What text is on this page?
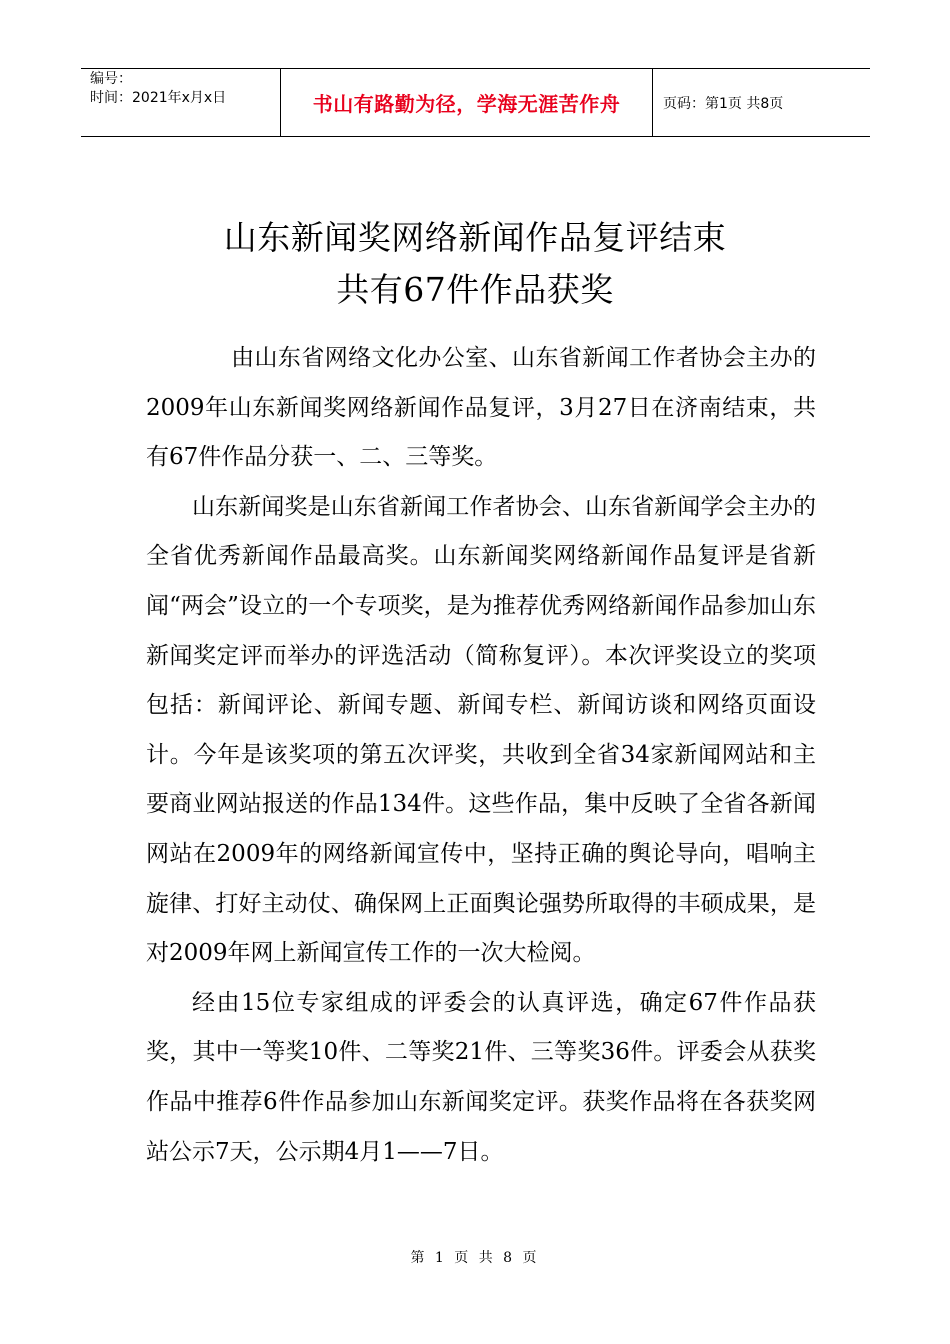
编号：
时间：2021年x月x日	书山有路勤为径，学海无涯苦作舟	页码：第1页 共8页
山东新闻奖网络新闻作品复评结束
共有67件作品获奖

由山东省网络文化办公室、山东省新闻工作者协会主办的2009年山东新闻奖网络新闻作品复评，3月27日在济南结束，共有67件作品分获一、二、三等奖。

山东新闻奖是山东省新闻工作者协会、山东省新闻学会主办的全省优秀新闻作品最高奖。山东新闻奖网络新闻作品复评是省新闻“两会”设立的一个专项奖，是为推荐优秀网络新闻作品参加山东新闻奖定评而举办的评选活动（简称复评）。本次评奖设立的奖项包括：新闻评论、新闻专题、新闻专栏、新闻访谈和网络页面设计。今年是该奖项的第五次评奖，共收到全省34家新闻网站和主要商业网站报送的作品134件。这些作品，集中反映了全省各新闻网站在2009年的网络新闻宣传中，坚持正确的舆论导向，唱响主旋律、打好主动仗、确保网上正面舆论强势所取得的丰硕成果，是对2009年网上新闻宣传工作的一次大检阅。

经由15位专家组成的评委会的认真评选，确定67件作品获奖，其中一等奖10件、二等奖21件、三等奖36件。评委会从获奖作品中推荐6件作品参加山东新闻奖定评。获奖作品将在各获奖网站公示7天，公示期4月1——7日。

第 1 页 共 8 页
